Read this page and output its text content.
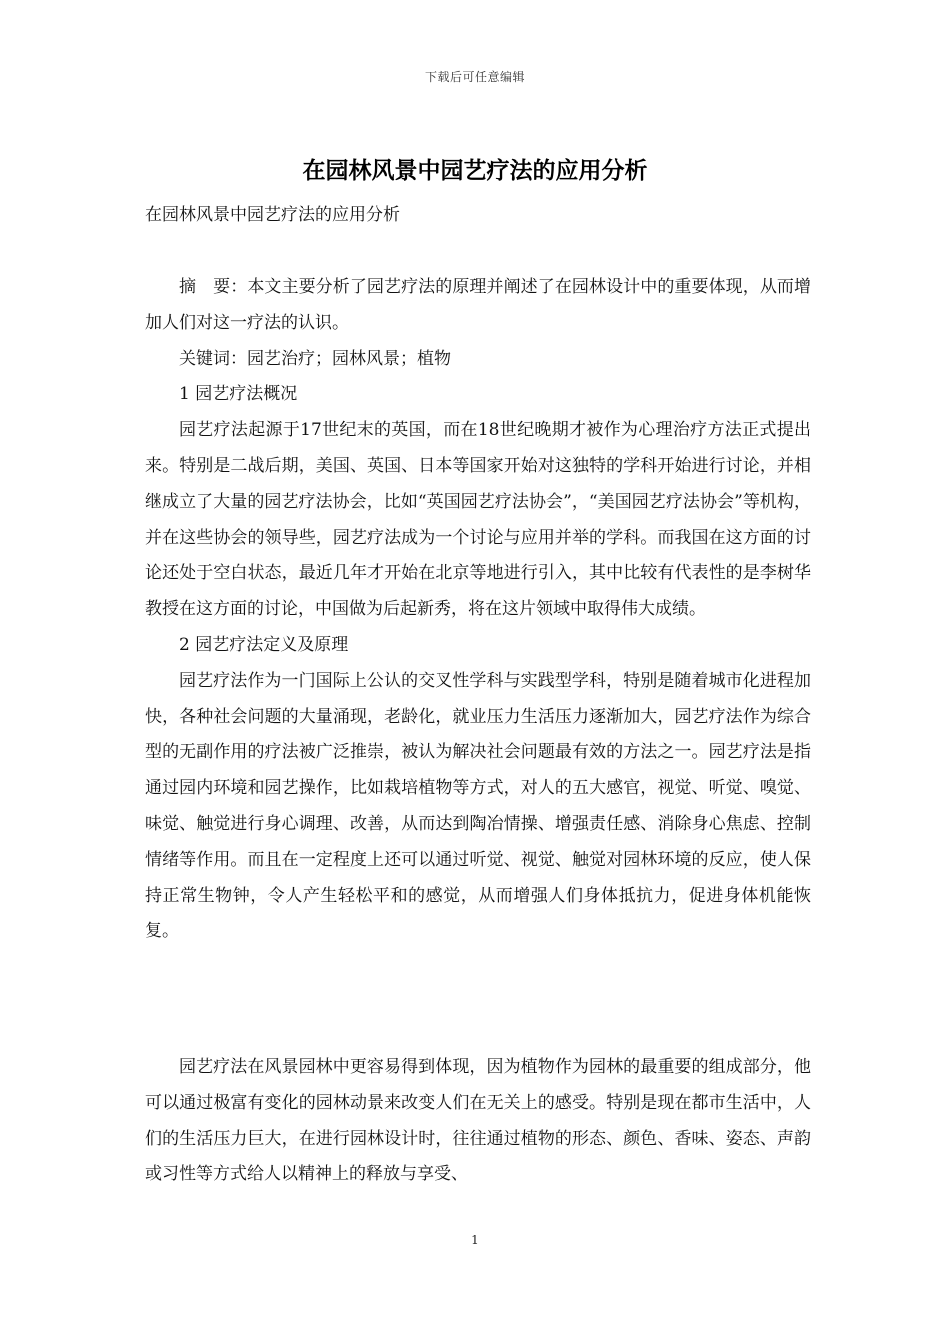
下载后可任意编辑
在园林风景中园艺疗法的应用分析

在园林风景中园艺疗法的应用分析

摘　要：本文主要分析了园艺疗法的原理并阐述了在园林设计中的重要体现，从而增加人们对这一疗法的认识。

关键词：园艺治疗；园林风景；植物

1 园艺疗法概况

园艺疗法起源于17世纪末的英国，而在18世纪晚期才被作为心理治疗方法正式提出来。特别是二战后期，美国、英国、日本等国家开始对这独特的学科开始进行讨论，并相继成立了大量的园艺疗法协会，比如“英国园艺疗法协会”，“美国园艺疗法协会”等机构，并在这些协会的领导些，园艺疗法成为一个讨论与应用并举的学科。而我国在这方面的讨论还处于空白状态，最近几年才开始在北京等地进行引入，其中比较有代表性的是李树华教授在这方面的讨论，中国做为后起新秀，将在这片领域中取得伟大成绩。

2 园艺疗法定义及原理

园艺疗法作为一门国际上公认的交叉性学科与实践型学科，特别是随着城市化进程加快，各种社会问题的大量涌现，老龄化，就业压力生活压力逐渐加大，园艺疗法作为综合型的无副作用的疗法被广泛推崇，被认为解决社会问题最有效的方法之一。园艺疗法是指通过园内环境和园艺操作，比如栽培植物等方式，对人的五大感官，视觉、听觉、嗅觉、味觉、触觉进行身心调理、改善，从而达到陶冶情操、增强责任感、消除身心焦虑、控制情绪等作用。而且在一定程度上还可以通过听觉、视觉、触觉对园林环境的反应，使人保持正常生物钟，令人产生轻松平和的感觉，从而增强人们身体抵抗力，促进身体机能恢复。

园艺疗法在风景园林中更容易得到体现，因为植物作为园林的最重要的组成部分，他可以通过极富有变化的园林动景来改变人们在无关上的感受。特别是现在都市生活中，人们的生活压力巨大，在进行园林设计时，往往通过植物的形态、颜色、香味、姿态、声韵或习性等方式给人以精神上的释放与享受、

1
